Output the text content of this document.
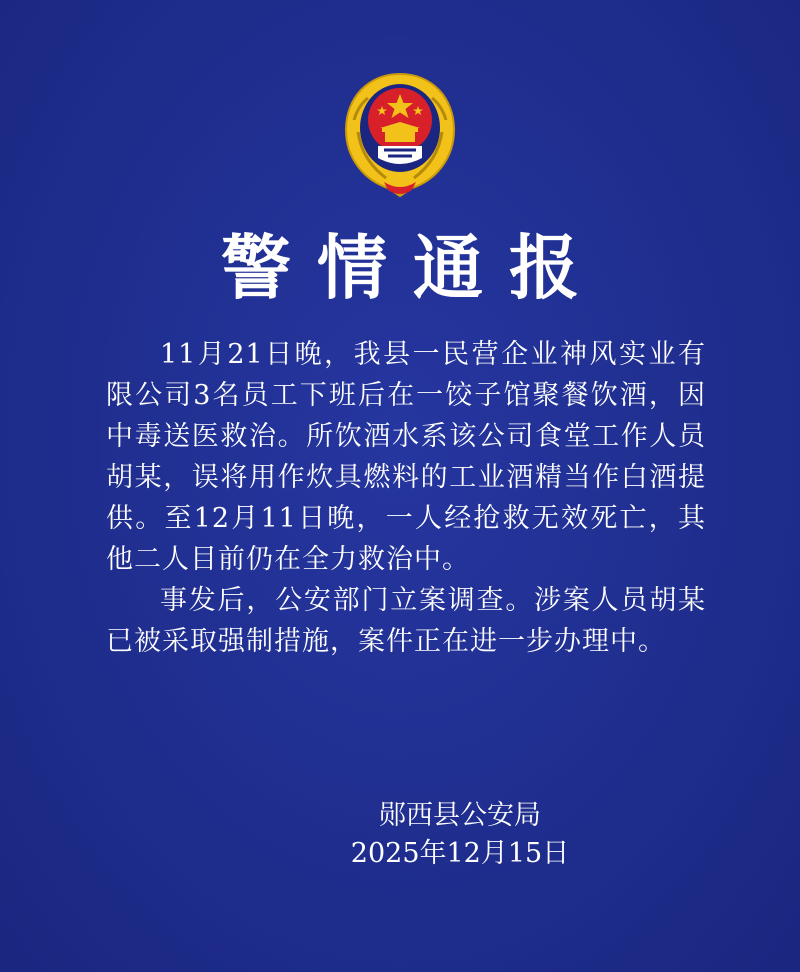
警情通报

11月21日晚，我县一民营企业神风实业有限公司3名员工下班后在一饺子馆聚餐饮酒，因中毒送医救治。所饮酒水系该公司食堂工作人员胡某，误将用作炊具燃料的工业酒精当作白酒提供。至12月11日晚，一人经抢救无效死亡，其他二人目前仍在全力救治中。

事发后，公安部门立案调查。涉案人员胡某已被采取强制措施，案件正在进一步办理中。

郧西县公安局
2025年12月15日
